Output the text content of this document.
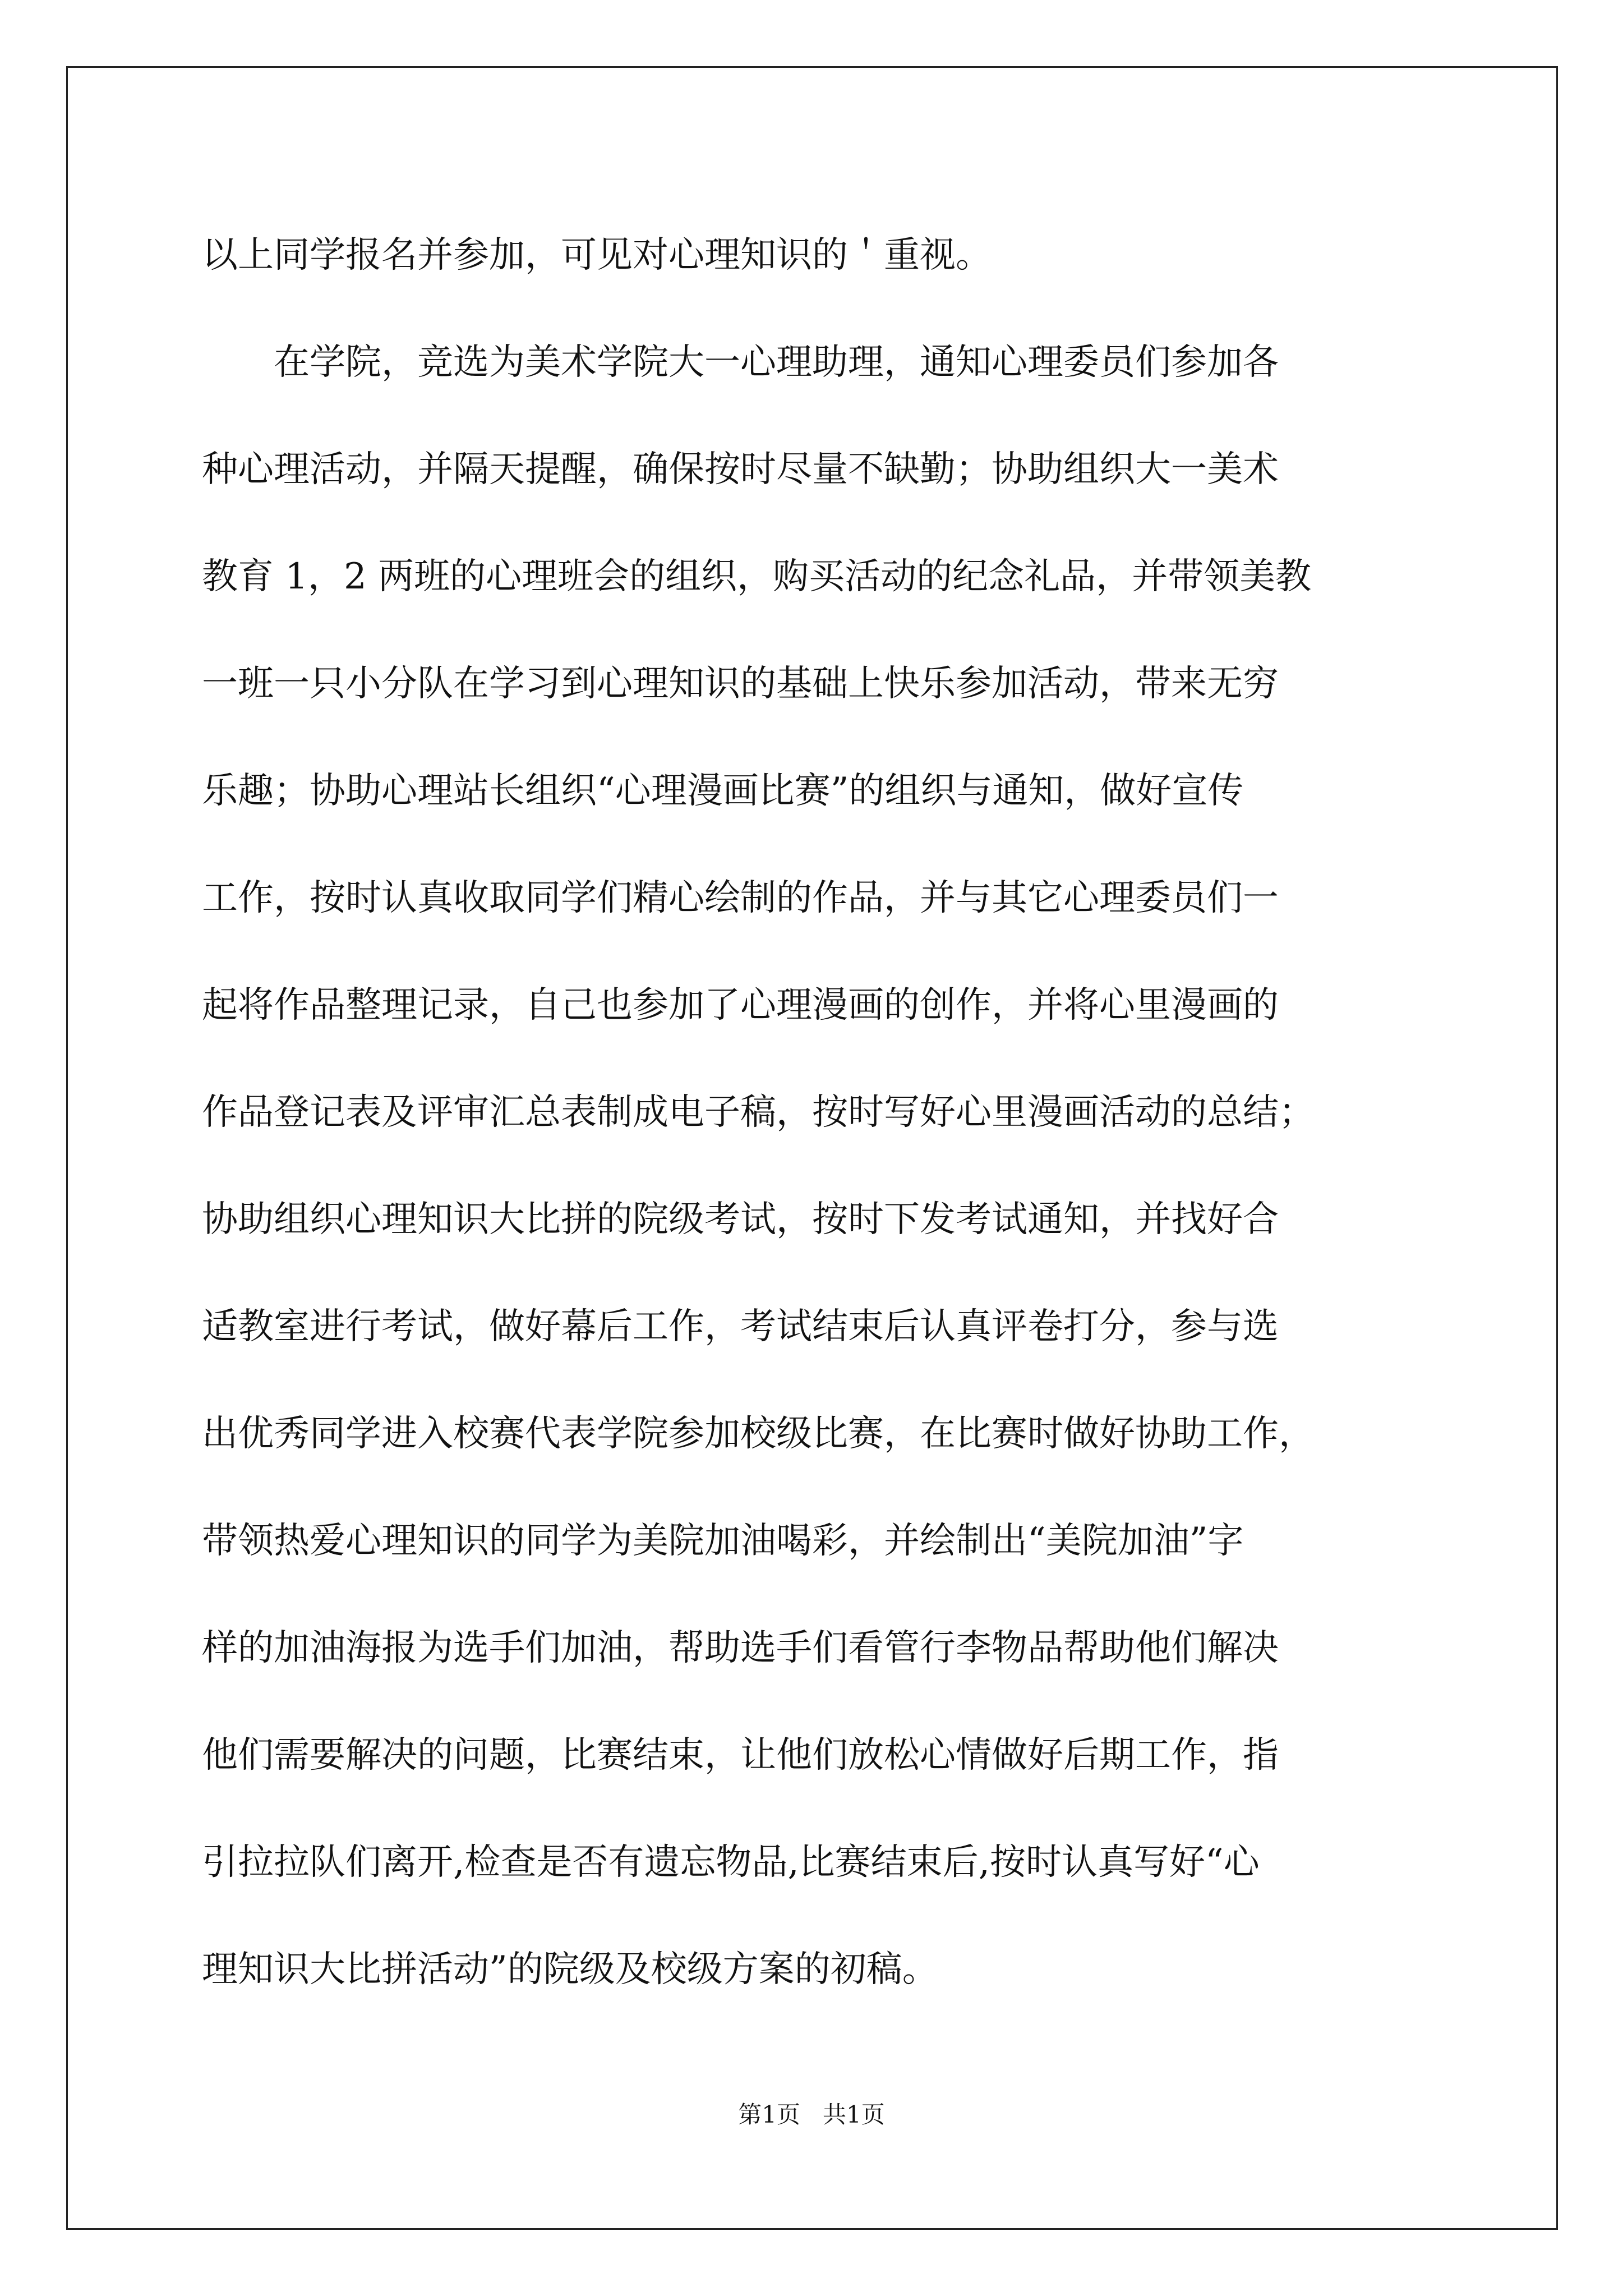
以上同学报名并参加，可见对心理知识的＇重视。
在学院，竞选为美术学院大一心理助理，通知心理委员们参加各
种心理活动，并隔天提醒，确保按时尽量不缺勤；协助组织大一美术
教育 1，2 两班的心理班会的组织，购买活动的纪念礼品，并带领美教
一班一只小分队在学习到心理知识的基础上快乐参加活动，带来无穷
乐趣；协助心理站长组织“心理漫画比赛”的组织与通知，做好宣传
工作，按时认真收取同学们精心绘制的作品，并与其它心理委员们一
起将作品整理记录，自己也参加了心理漫画的创作，并将心里漫画的
作品登记表及评审汇总表制成电子稿，按时写好心里漫画活动的总结；
协助组织心理知识大比拼的院级考试，按时下发考试通知，并找好合
适教室进行考试，做好幕后工作，考试结束后认真评卷打分，参与选
出优秀同学进入校赛代表学院参加校级比赛，在比赛时做好协助工作，
带领热爱心理知识的同学为美院加油喝彩，并绘制出“美院加油”字
样的加油海报为选手们加油，帮助选手们看管行李物品帮助他们解决
他们需要解决的问题，比赛结束，让他们放松心情做好后期工作，指
引拉拉队们离开,检查是否有遗忘物品,比赛结束后,按时认真写好“心
理知识大比拼活动”的院级及校级方案的初稿。
第1页 共1页
